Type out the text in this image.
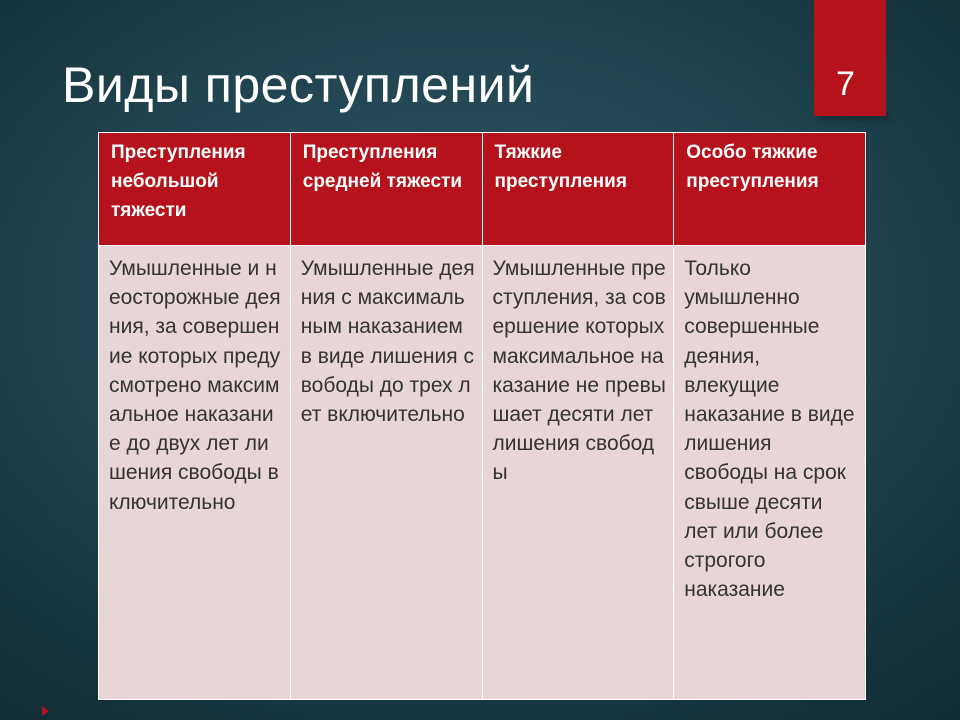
Виды преступлений	7
Преступления небольшой тяжести	Преступления средней тяжести	Тяжкие преступления	Особо тяжкие преступления
Умышленные и неосторожные деяния, за совершение которых предусмотрено максимальное наказание до двух лет лишения свободы включительно	Умышленные деяния с максимальным наказанием в виде лишения свободы до трех лет включительно	Умышленные преступления, за совершение которых максимальное наказание не превышает десяти лет лишения свободы	Только умышленно совершенные деяния, влекущие наказание в виде лишения свободы на срок свыше десяти лет или более строгого наказание
